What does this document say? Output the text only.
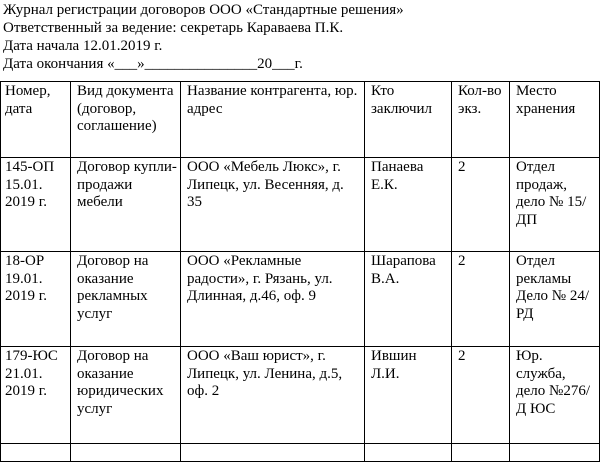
Журнал регистрации договоров ООО «Стандартные решения»
Ответственный за ведение: секретарь Караваева П.К.
Дата начала 12.01.2019 г.
Дата окончания «___»_______________20___г.
Номер, дата	Вид документа (договор, соглашение)	Название контрагента, юр. адрес	Кто заключил	Кол-во экз.	Место хранения
145-ОП 15.01. 2019 г.	Договор купли-продажи мебели	ООО «Мебель Люкс», г. Липецк, ул. Весенняя, д. 35	Панаева Е.К.	2	Отдел продаж, дело № 15/ДП
18-ОР 19.01. 2019 г.	Договор на оказание рекламных услуг	ООО «Рекламные радости», г. Рязань, ул. Длинная, д.46, оф. 9	Шарапова В.А.	2	Отдел рекламы Дело № 24/РД
179-ЮС 21.01. 2019 г.	Договор на оказание юридических услуг	ООО «Ваш юрист», г. Липецк, ул. Ленина, д.5, оф. 2	Ившин Л.И.	2	Юр. служба, дело №276/Д ЮС
